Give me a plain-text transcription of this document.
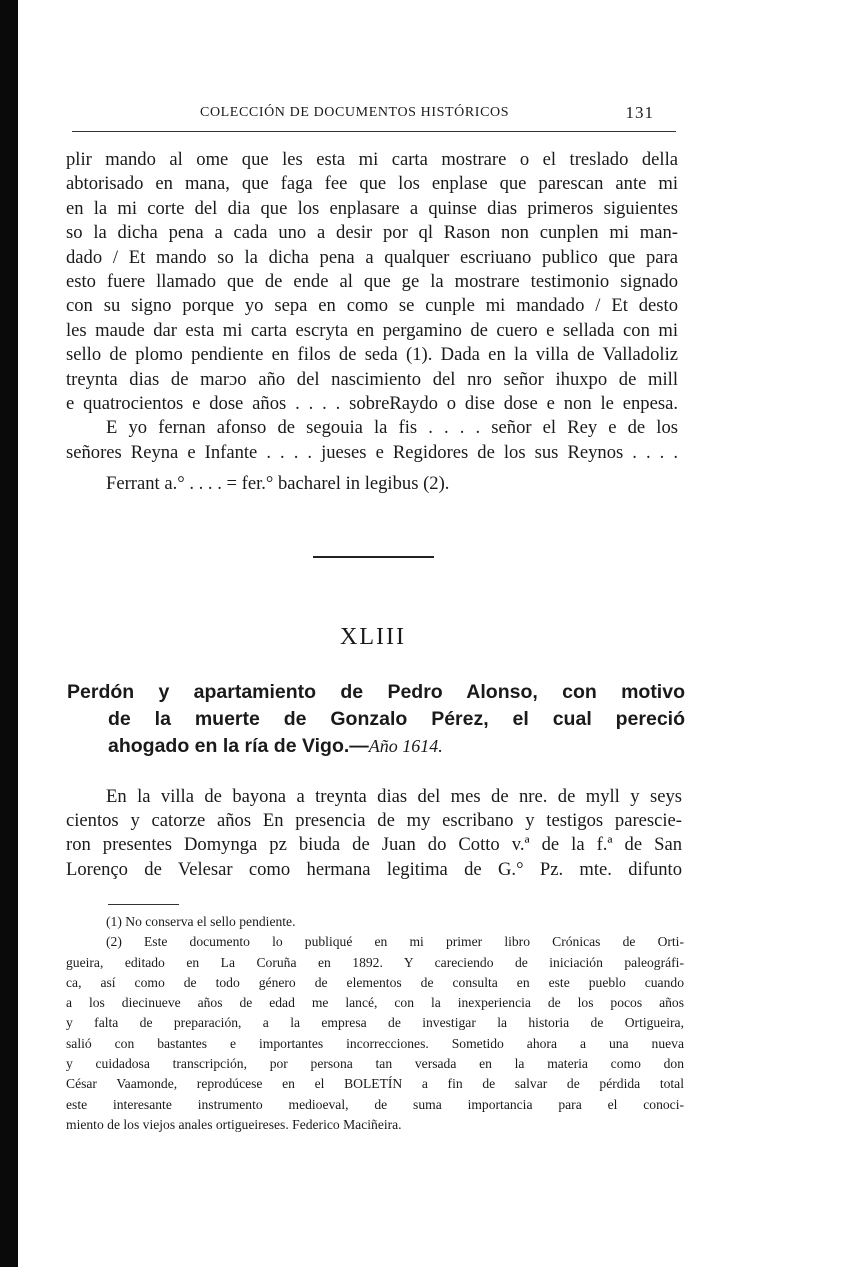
COLECCIÓN DE DOCUMENTOS HISTÓRICOS	131

plir mando al ome que les esta mi carta mostrare o el treslado della

abtorisado en mana, que faga fee que los enplase que parescan ante mi

en la mi corte del dia que los enplasare a quinse dias primeros siguientes

so la dicha pena a cada uno a desir por ql Rason non cunplen mi man-

dado / Et mando so la dicha pena a qualquer escriuano publico que para

esto fuere llamado que de ende al que ge la mostrare testimonio signado

con su signo porque yo sepa en como se cunple mi mandado / Et desto

les maude dar esta mi carta escryta en pergamino de cuero e sellada con mi

sello de plomo pendiente en filos de seda (1). Dada en la villa de Valladoliz

treynta dias de marɔo año del nascimiento del nro señor ihuxpo de mill

e quatrocientos e dose años . . . . sobreRaydo o dise dose e non le enpesa.

E yo fernan afonso de segouia la fis . . . . señor el Rey e de los

señores Reyna e Infante . . . . jueses e Regidores de los sus Reynos . . . .

Ferrant a.° . . . . = fer.° bacharel in legibus (2).
XLIII
Perdón y apartamiento de Pedro Alonso, con motivo
de la muerte de Gonzalo Pérez, el cual pereció
ahogado en la ría de Vigo.—Año 1614.

En la villa de bayona a treynta dias del mes de nre. de myll y seys

cientos y catorze años En presencia de my escribano y testigos parescie-

ron presentes Domynga pz biuda de Juan do Cotto v.ª de la f.ª de San

Lorenço de Velesar como hermana legitima de G.° Pz. mte. difunto

(1) No conserva el sello pendiente.

(2) Este documento lo publiqué en mi primer libro Crónicas de Orti-

gueira, editado en La Coruña en 1892. Y careciendo de iniciación paleográfi-

ca, así como de todo género de elementos de consulta en este pueblo cuando

a los diecinueve años de edad me lancé, con la inexperiencia de los pocos años

y falta de preparación, a la empresa de investigar la historia de Ortigueira,

salió con bastantes e importantes incorrecciones. Sometido ahora a una nueva

y cuidadosa transcripción, por persona tan versada en la materia como don

César Vaamonde, reprodúcese en el BOLETÍN a fin de salvar de pérdida total

este interesante instrumento medioeval, de suma importancia para el conoci-

miento de los viejos anales ortigueireses. Federico Maciñeira.
